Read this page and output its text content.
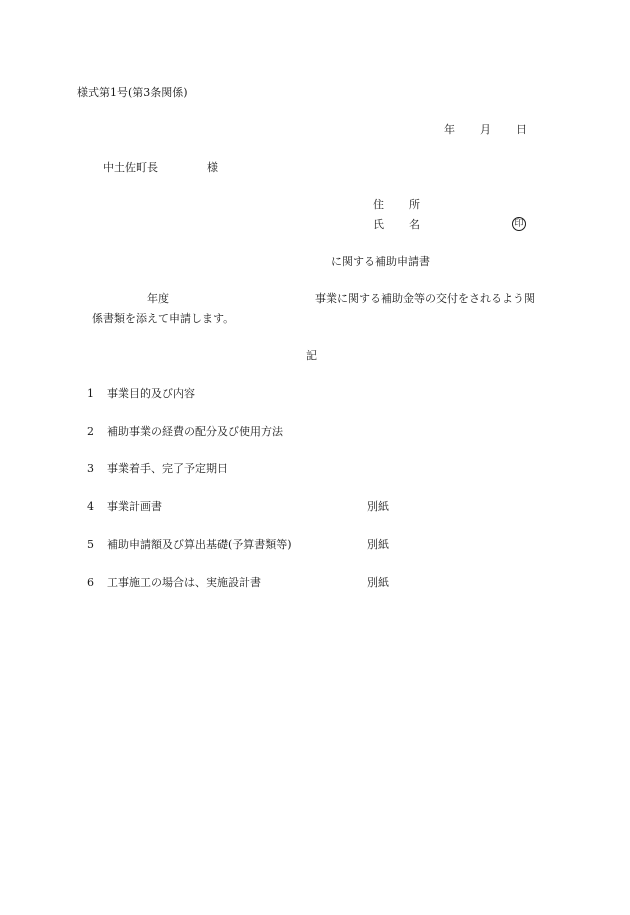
様式第1号(第3条関係)
年 月 日
中土佐町長	様
住 所
氏 名	印
に関する補助申請書
年度	事業に関する補助金等の交付をされるよう関
係書類を添えて申請します。
記
1 事業目的及び内容
2 補助事業の経費の配分及び使用方法
3 事業着手、完了予定期日
4 事業計画書	別紙
5 補助申請額及び算出基礎(予算書類等)	別紙
6 工事施工の場合は、実施設計書	別紙
